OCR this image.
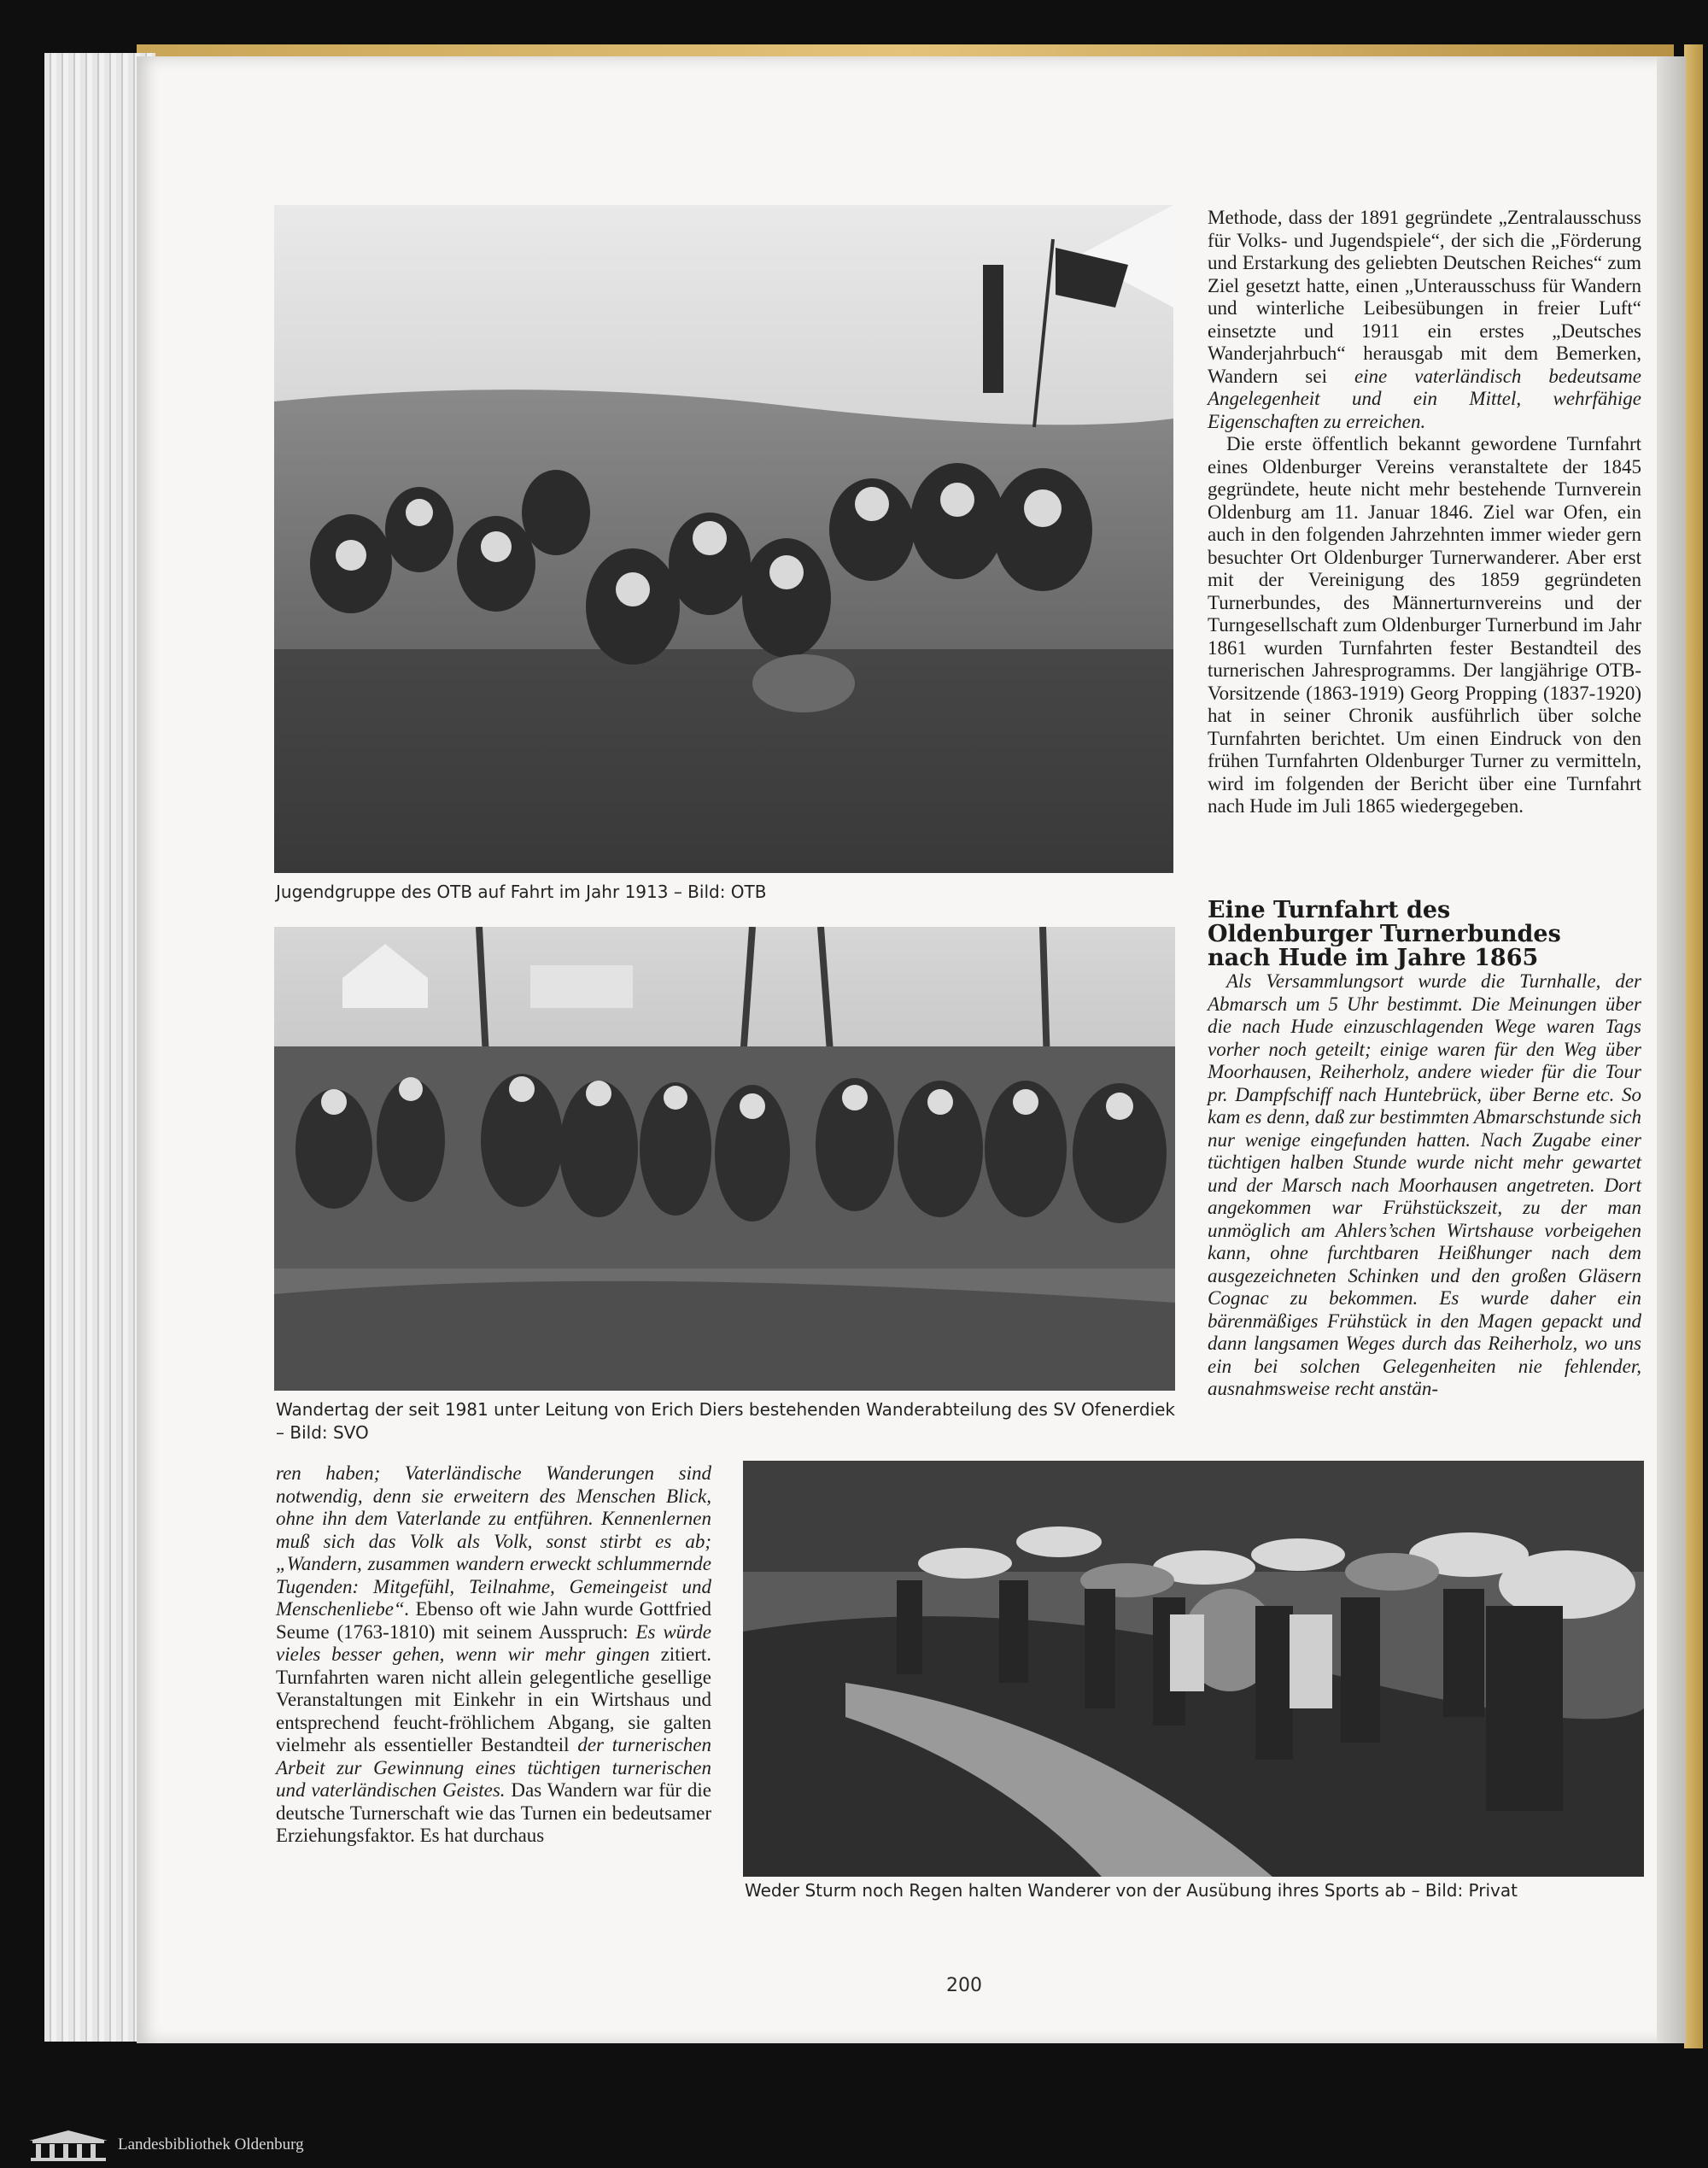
Jugendgruppe des OTB auf Fahrt im Jahr 1913 – Bild: OTB
Wandertag der seit 1981 unter Leitung von Erich Diers bestehenden Wanderabteilung des SV Ofenerdiek – Bild: SVO
Weder Sturm noch Regen halten Wanderer von der Ausübung ihres Sports ab – Bild: Privat

Methode, dass der 1891 gegründete „Zentralausschuss für Volks- und Jugendspiele“, der sich die „Förderung und Erstarkung des geliebten Deutschen Reiches“ zum Ziel gesetzt hatte, einen „Unterausschuss für Wandern und winterliche Leibesübungen in freier Luft“ einsetzte und 1911 ein erstes „Deutsches Wanderjahrbuch“ herausgab mit dem Bemerken, Wandern sei eine vaterländisch bedeutsame Angelegenheit und ein Mittel, wehrfähige Eigenschaften zu erreichen.

Die erste öffentlich bekannt gewordene Turnfahrt eines Oldenburger Vereins veranstaltete der 1845 gegründete, heute nicht mehr bestehende Turnverein Oldenburg am 11. Januar 1846. Ziel war Ofen, ein auch in den folgenden Jahrzehnten immer wieder gern besuchter Ort Oldenburger Turnerwanderer. Aber erst mit der Vereinigung des 1859 gegründeten Turnerbundes, des Männerturnvereins und der Turngesellschaft zum Oldenburger Turnerbund im Jahr 1861 wurden Turnfahrten fester Bestandteil des turnerischen Jahresprogramms. Der langjährige OTB-Vorsitzende (1863-1919) Georg Propping (1837-1920) hat in seiner Chronik ausführlich über solche Turnfahrten berichtet. Um einen Eindruck von den frühen Turnfahrten Oldenburger Turner zu vermitteln, wird im folgenden der Bericht über eine Turnfahrt nach Hude im Juli 1865 wiedergegeben.

Eine Turnfahrt des Oldenburger Turnerbundes nach Hude im Jahre 1865

Als Versammlungsort wurde die Turnhalle, der Abmarsch um 5 Uhr bestimmt. Die Meinungen über die nach Hude einzuschlagenden Wege waren Tags vorher noch geteilt; einige waren für den Weg über Moorhausen, Reiherholz, andere wieder für die Tour pr. Dampfschiff nach Huntebrück, über Berne etc. So kam es denn, daß zur bestimmten Abmarschstunde sich nur wenige eingefunden hatten. Nach Zugabe einer tüchtigen halben Stunde wurde nicht mehr gewartet und der Marsch nach Moorhausen angetreten. Dort angekommen war Frühstückszeit, zu der man unmöglich am Ahlers’schen Wirtshause vorbeigehen kann, ohne furchtbaren Heißhunger nach dem ausgezeichneten Schinken und den großen Gläsern Cognac zu bekommen. Es wurde daher ein bärenmäßiges Frühstück in den Magen gepackt und dann langsamen Weges durch das Reiherholz, wo uns ein bei solchen Gelegenheiten nie fehlender, ausnahmsweise recht anstän-

ren haben; Vaterländische Wanderungen sind notwendig, denn sie erweitern des Menschen Blick, ohne ihn dem Vaterlande zu entführen. Kennenlernen muß sich das Volk als Volk, sonst stirbt es ab; „Wandern, zusammen wandern erweckt schlummernde Tugenden: Mitgefühl, Teilnahme, Gemeingeist und Menschenliebe“. Ebenso oft wie Jahn wurde Gottfried Seume (1763-1810) mit seinem Ausspruch: Es würde vieles besser gehen, wenn wir mehr gingen zitiert. Turnfahrten waren nicht allein gelegentliche gesellige Veranstaltungen mit Einkehr in ein Wirtshaus und entsprechend feucht-fröhlichem Abgang, sie galten vielmehr als essentieller Bestandteil der turnerischen Arbeit zur Gewinnung eines tüchtigen turnerischen und vaterländischen Geistes. Das Wandern war für die deutsche Turnerschaft wie das Turnen ein bedeutsamer Erziehungsfaktor. Es hat durchaus

200
Landesbibliothek Oldenburg
